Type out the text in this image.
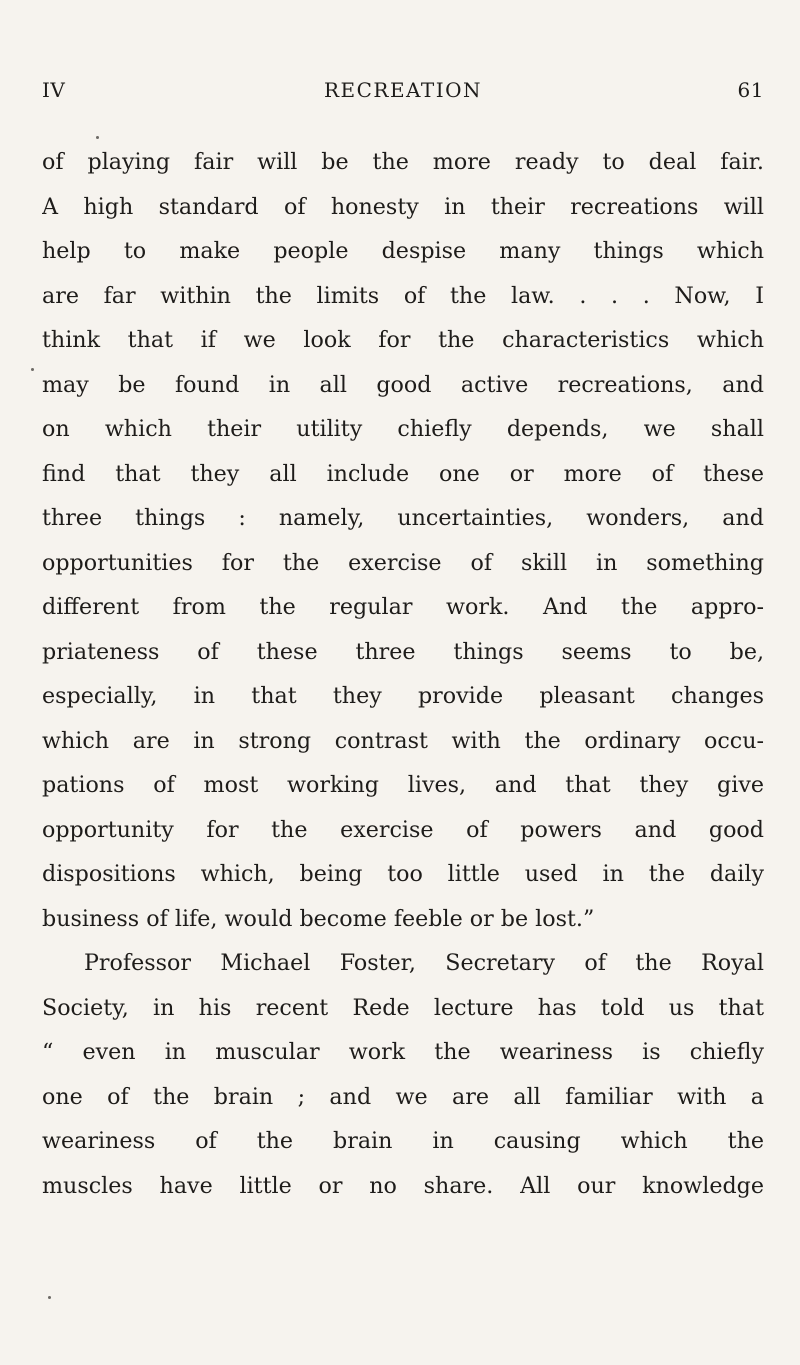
IV	RECREATION	61
of playing fair will be the more ready to deal fair.
A high standard of honesty in their recreations will
help to make people despise many things which
are far within the limits of the law. . . . Now, I
think that if we look for the characteristics which
may be found in all good active recreations, and
on which their utility chiefly depends, we shall
find that they all include one or more of these
three things : namely, uncertainties, wonders, and
opportunities for the exercise of skill in something
different from the regular work. And the appro-
priateness of these three things seems to be,
especially, in that they provide pleasant changes
which are in strong contrast with the ordinary occu-
pations of most working lives, and that they give
opportunity for the exercise of powers and good
dispositions which, being too little used in the daily
business of life, would become feeble or be lost.”
Professor Michael Foster, Secretary of the Royal
Society, in his recent Rede lecture has told us that
“ even in muscular work the weariness is chiefly
one of the brain ; and we are all familiar with a
weariness of the brain in causing which the
muscles have little or no share. All our knowledge
